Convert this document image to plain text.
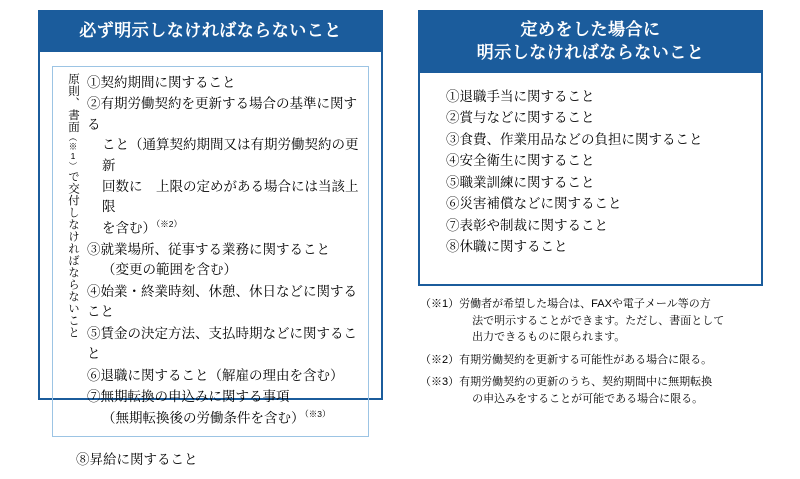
必ず明示しなければならないこと
原則、書面（※1）で交付しなければならないこと
①契約期間に関すること
②有期労働契約を更新する場合の基準に関する
こと（通算契約期間又は有期労働契約の更新
回数に　上限の定めがある場合には当該上限
を含む）$^{(※2)}$
③就業場所、従事する業務に関すること
（変更の範囲を含む）
④始業・終業時刻、休憩、休日などに関すること
⑤賃金の決定方法、支払時期などに関すること
⑥退職に関すること（解雇の理由を含む）
⑦無期転換の申込みに関する事項
（無期転換後の労働条件を含む）$^{(※3)}$
⑧昇給に関すること
定めをした場合に
明示しなければならないこと
①退職手当に関すること
②賞与などに関すること
③食費、作業用品などの負担に関すること
④安全衛生に関すること
⑤職業訓練に関すること
⑥災害補償などに関すること
⑦表彰や制裁に関すること
⑧休職に関すること
（※1） 労働者が希望した場合は、FAXや電子メール等の方
法で明示することができます。ただし、書面として
出力できるものに限られます。
（※2） 有期労働契約を更新する可能性がある場合に限る。
（※3） 有期労働契約の更新のうち、契約期間中に無期転換
の申込みをすることが可能である場合に限る。
